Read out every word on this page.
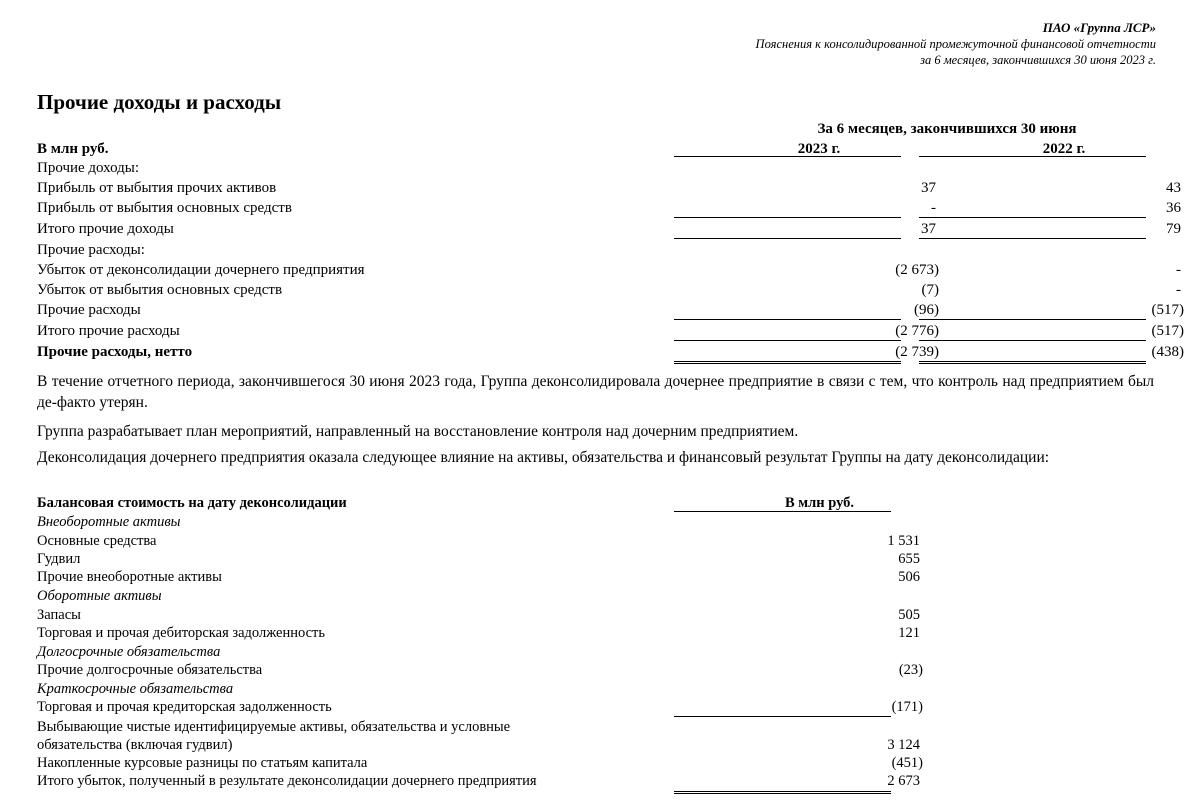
ПАО «Группа ЛСР»
Пояснения к консолидированной промежуточной финансовой отчетности
за 6 месяцев, закончившихся 30 июня 2023 г.
Прочие доходы и расходы
За 6 месяцев, закончившихся 30 июня
В млн руб.	2023 г.	2022 г.
Прочие доходы:
Прибыль от выбытия прочих активов	37	43
Прибыль от выбытия основных средств	-	36
Итого прочие доходы	37	79
Прочие расходы:
Убыток от деконсолидации дочернего предприятия	(2 673)	-
Убыток от выбытия основных средств	(7)	-
Прочие расходы	(96)	(517)
Итого прочие расходы	(2 776)	(517)
Прочие расходы, нетто	(2 739)	(438)
В течение отчетного периода, закончившегося 30 июня 2023 года, Группа деконсолидировала дочернее предприятие в связи с тем, что контроль над предприятием был де-факто утерян.
Группа разрабатывает план мероприятий, направленный на восстановление контроля над дочерним предприятием.
Деконсолидация дочернего предприятия оказала следующее влияние на активы, обязательства и финансовый результат Группы на дату деконсолидации:
Балансовая стоимость на дату деконсолидации	В млн руб.
Внеоборотные активы
Основные средства	1 531
Гудвил	655
Прочие внеоборотные активы	506
Оборотные активы
Запасы	505
Торговая и прочая дебиторская задолженность	121
Долгосрочные обязательства
Прочие долгосрочные обязательства	(23)
Краткосрочные обязательства
Торговая и прочая кредиторская задолженность	(171)
Выбывающие чистые идентифицируемые активы, обязательства и условные
обязательства (включая гудвил)	3 124
Накопленные курсовые разницы по статьям капитала	(451)
Итого убыток, полученный в результате деконсолидации дочернего предприятия	2 673
